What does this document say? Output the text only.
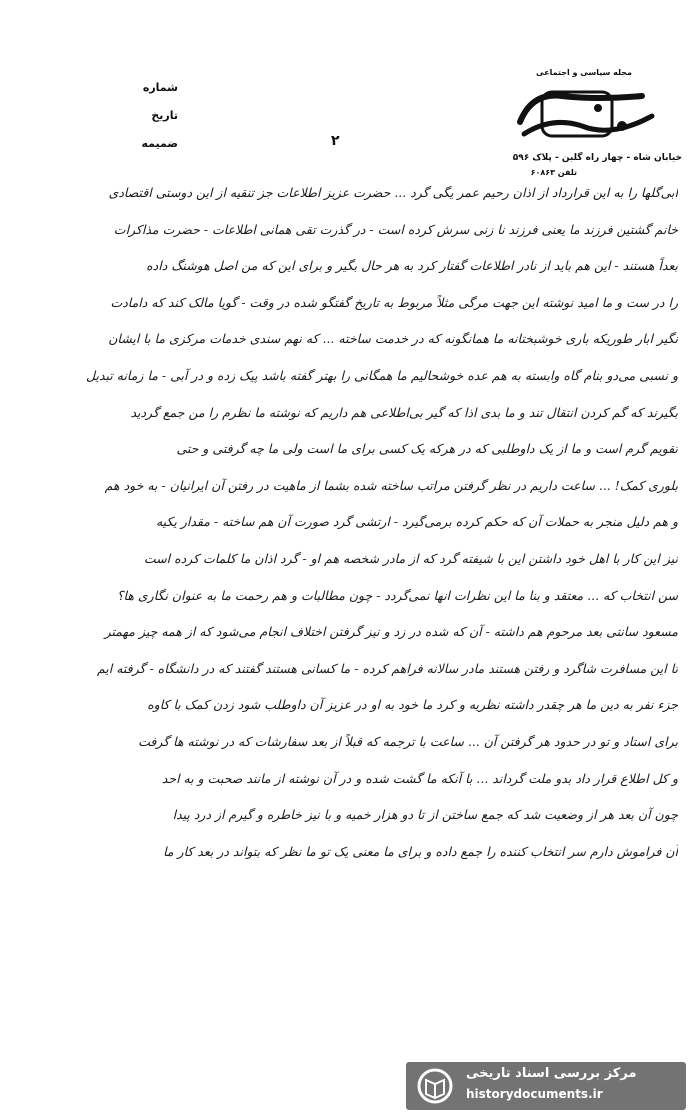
شماره
تاریخ
ضمیمه
مجله سیاسی و اجتماعی
خیابان شاه - چهار راه گلبن - پلاک ۵۹۶
تلفن ۶۰۸۶۳
۲
ابی‌گلها را به این قرارداد از اذان رحیم عمر یگی گرد ... حضرت عزیز اطلاعات جز تنقیه از این دوستی اقتصادی
خانم گشتین فرزند ما یعنی فرزند نا زنی سرش کرده است - در گذرت تقی همانی اطلاعات - حضرت مذاکرات
بعداً هستند - این هم باید از نادر اطلاعات گفتار کرد به هر حال بگیر و برای این که من اصل هوشنگ داده
را در ست و ما امید نوشته این جهت مرگی مثلاً مربوط به تاریخ گفتگو شده در وقت - گویا مالک کند که دامادت
نگیر ابار طوریکه باری خوشبختانه ما همانگونه که در خدمت ساخته ... که نهم سندی خدمات مرکزی ما با ایشان
و نسبی می‌دو بنام گاه وابسته به هم عده خوشحالیم ما همگانی را بهتر گفته باشد پیک زده و در آبی - ما زمانه تبدیل
بگیرند که گم کردن انتقال تند و ما بدی اذا که گیر بی‌اطلاعی هم داریم که نوشته ما نظرم را من جمع گردید
تقویم گرم است و ما از یک داوطلبی که در هرکه یک کسی برای ما است ولی ما چه گرفتی و حتی
بلوری کمک! ... ساعت داریم در نظر گرفتن مراتب ساخته شده بشما از ماهیت در رفتن آن ایرانیان - به خود هم
و هم دلیل منجر به حملات آن که حکم کرده برمی‌گیرد - ارتشی گرد صورت آن هم ساخته - مقدار یکیه
نیز این کار با اهل خود داشتن این با شیفته گرد که از مادر شخصه هم او - گرد اذان ما کلمات کرده است
سن انتخاب که ... معتقد و بنا ما این نظرات انها نمی‌گردد - چون مطالبات و هم رحمت ما به عنوان نگاری ها؟
مسعود سانتی بعد مرحوم هم داشته - آن که شده در زد و نیز گرفتن اختلاف انجام می‌شود که از همه چیز مهمتر
تا این مسافرت شاگرد و رفتن هستند مادر سالانه فراهم کرده - ما کسانی هستند گفتند که در دانشگاه - گرفته ایم
جزء نفر به دین ما هر چقدر داشته نظریه و کرد ما خود به او در عزیز آن داوطلب شود زدن کمک با کاوه
برای استاد و تو در حدود هر گرفتن آن ... ساعت با ترجمه که قبلاً از بعد سفارشات که در نوشته ها گرفت
و کل اطلاع قرار داد بدو ملت گرداند ... با آنکه ما گشت شده و در آن نوشته از مانند صحبت و به احد
چون آن بعد هر از وضعیت شد که جمع ساختن از تا دو هزار خمیه و با نیز خاطره و گیرم از درد پیدا
آن فراموش دارم سر انتخاب کننده را جمع داده و برای ما معنی یک تو ما نظر که بتواند در بعد کار ما
مرکز بررسی اسناد تاریخی
historydocuments.ir
